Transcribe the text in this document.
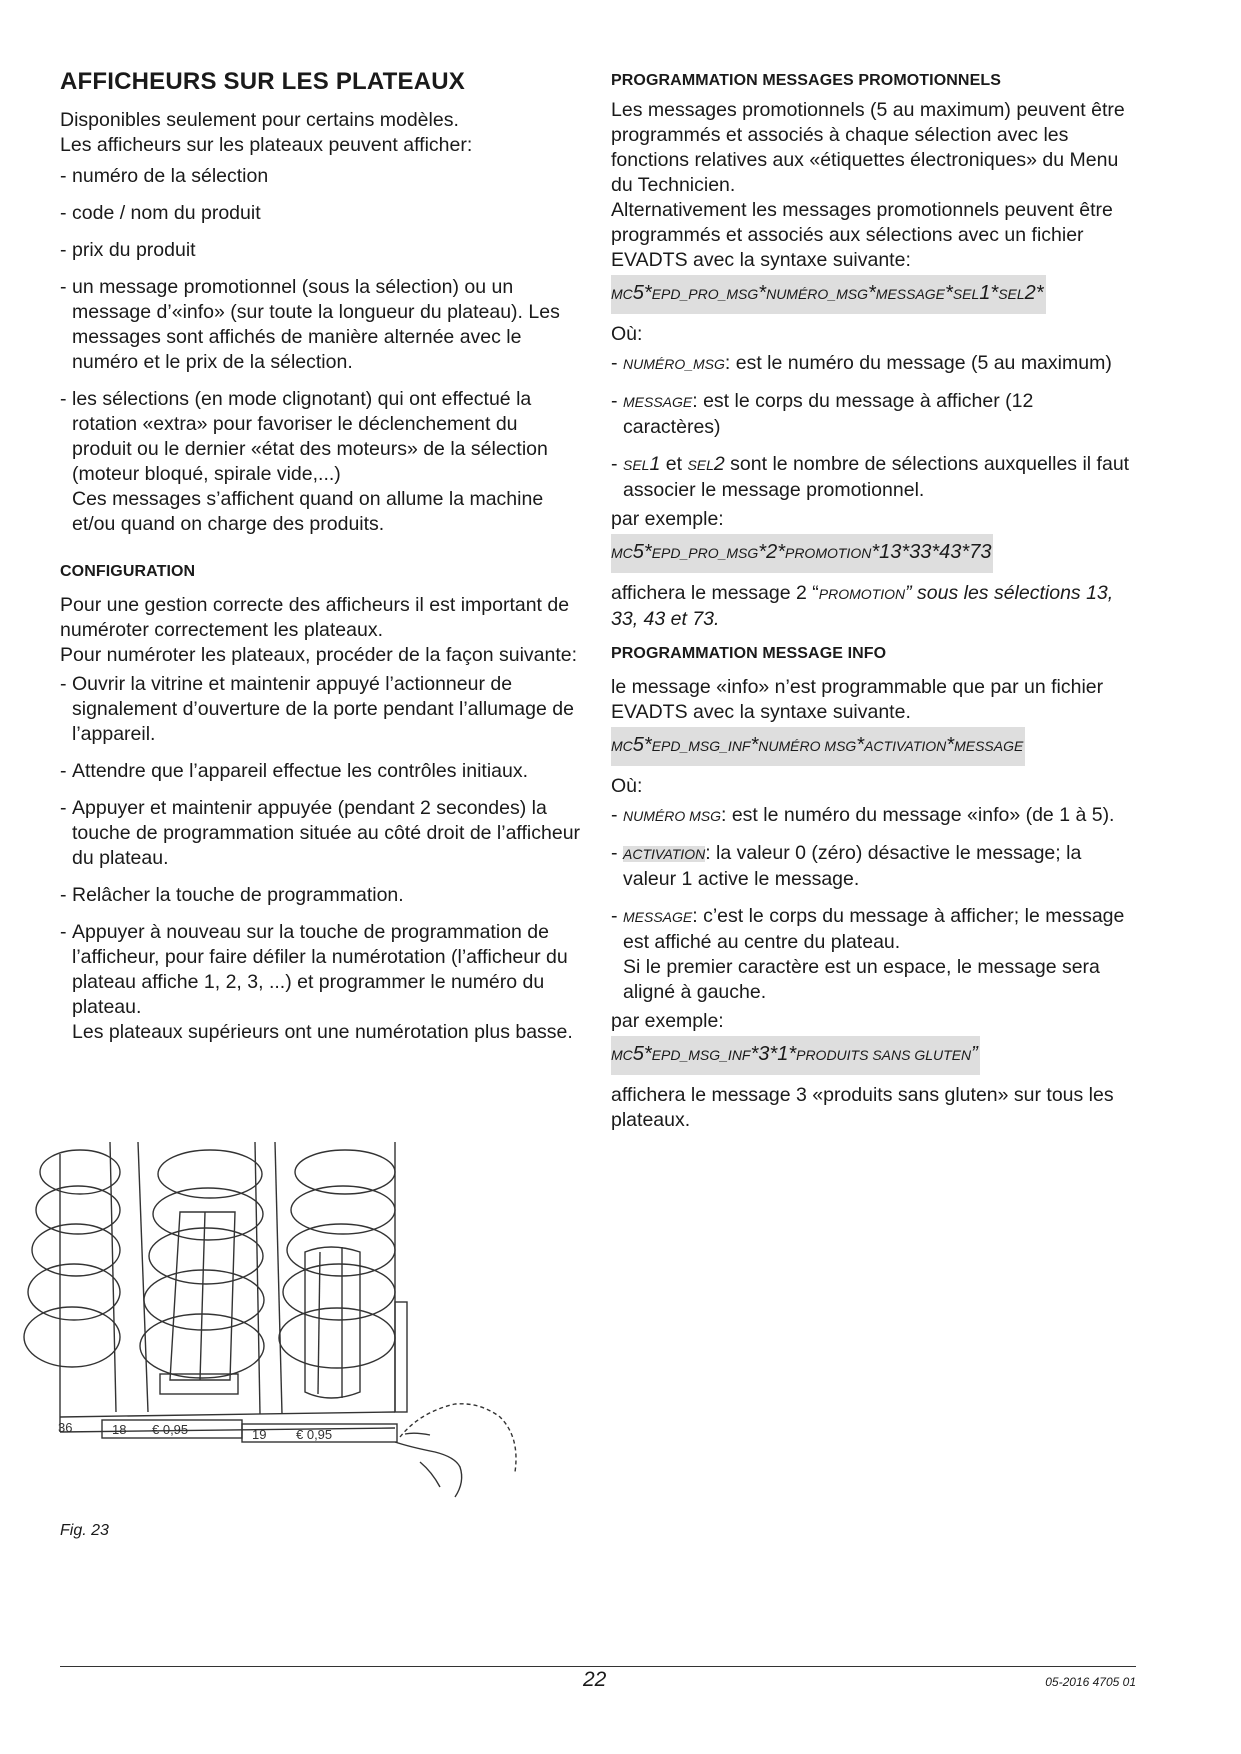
AFFICHEURS SUR LES PLATEAUX

Disponibles seulement pour certains modèles.

Les afficheurs sur les plateaux peuvent afficher:

- numéro de la sélection
- code / nom du produit
- prix du produit
- un message promotionnel (sous la sélection) ou un message d’«info» (sur toute la longueur du plateau). Les messages sont affichés de manière alternée avec le numéro et le prix de la sélection.
- les sélections (en mode clignotant) qui ont effectué la rotation «extra» pour favoriser le déclenchement du produit ou le dernier «état des moteurs» de la sélection (moteur bloqué, spirale vide,...)
Ces messages s’affichent quand on allume la machine et/ou quand on charge des produits.
CONFIGURATION

Pour une gestion correcte des afficheurs il est important de numéroter correctement les plateaux.

Pour numéroter les plateaux, procéder de la façon suivante:

- Ouvrir la vitrine et maintenir appuyé l’actionneur de signalement d’ouverture de la porte pendant l’allumage de l’appareil.
- Attendre que l’appareil effectue les contrôles initiaux.
- Appuyer et maintenir appuyée (pendant 2 secondes) la touche de programmation située au côté droit de l’afficheur du plateau.
- Relâcher la touche de programmation.
- Appuyer à nouveau sur la touche de programmation de l’afficheur, pour faire défiler la numérotation (l’afficheur du plateau affiche 1, 2, 3, ...) et programmer le numéro du plateau.
Les plateaux supérieurs ont une numérotation plus basse.
36	18 € 0,95	19 € 0,95
Fig. 23
PROGRAMMATION MESSAGES PROMOTIONNELS

Les messages promotionnels (5 au maximum) peuvent être programmés et associés à chaque sélection avec les fonctions relatives aux «étiquettes électroniques» du Menu du Technicien.

Alternativement les messages promotionnels peuvent être programmés et associés aux sélections avec un fichier EVADTS avec la syntaxe suivante:

MC5*EPD_PRO_MSG*NUMÉRO_MSG*MESSAGE*SEL1*SEL2*

Où:

- NUMÉRO_MSG: est le numéro du message (5 au maximum)
- MESSAGE: est le corps du message à afficher (12 caractères)
- SEL1 et SEL2 sont le nombre de sélections auxquelles il faut associer le message promotionnel.

par exemple:

MC5*EPD_PRO_MSG*2*PROMOTION*13*33*43*73

affichera le message 2 “PROMOTION” sous les sélections 13, 33, 43 et 73.

PROGRAMMATION MESSAGE INFO

le message «info» n’est programmable que par un fichier EVADTS avec la syntaxe suivante.

MC5*EPD_MSG_INF*NUMÉRO MSG*ACTIVATION*MESSAGE

Où:

- NUMÉRO MSG: est le numéro du message «info» (de 1 à 5).
- ACTIVATION: la valeur 0 (zéro) désactive le message; la valeur 1 active le message.
- MESSAGE: c’est le corps du message à afficher; le message est affiché au centre du plateau.
Si le premier caractère est un espace, le message sera aligné à gauche.

par exemple:

MC5*EPD_MSG_INF*3*1*PRODUITS SANS GLUTEN”

affichera le message 3 «produits sans gluten» sur tous les plateaux.

22	05-2016 4705 01
